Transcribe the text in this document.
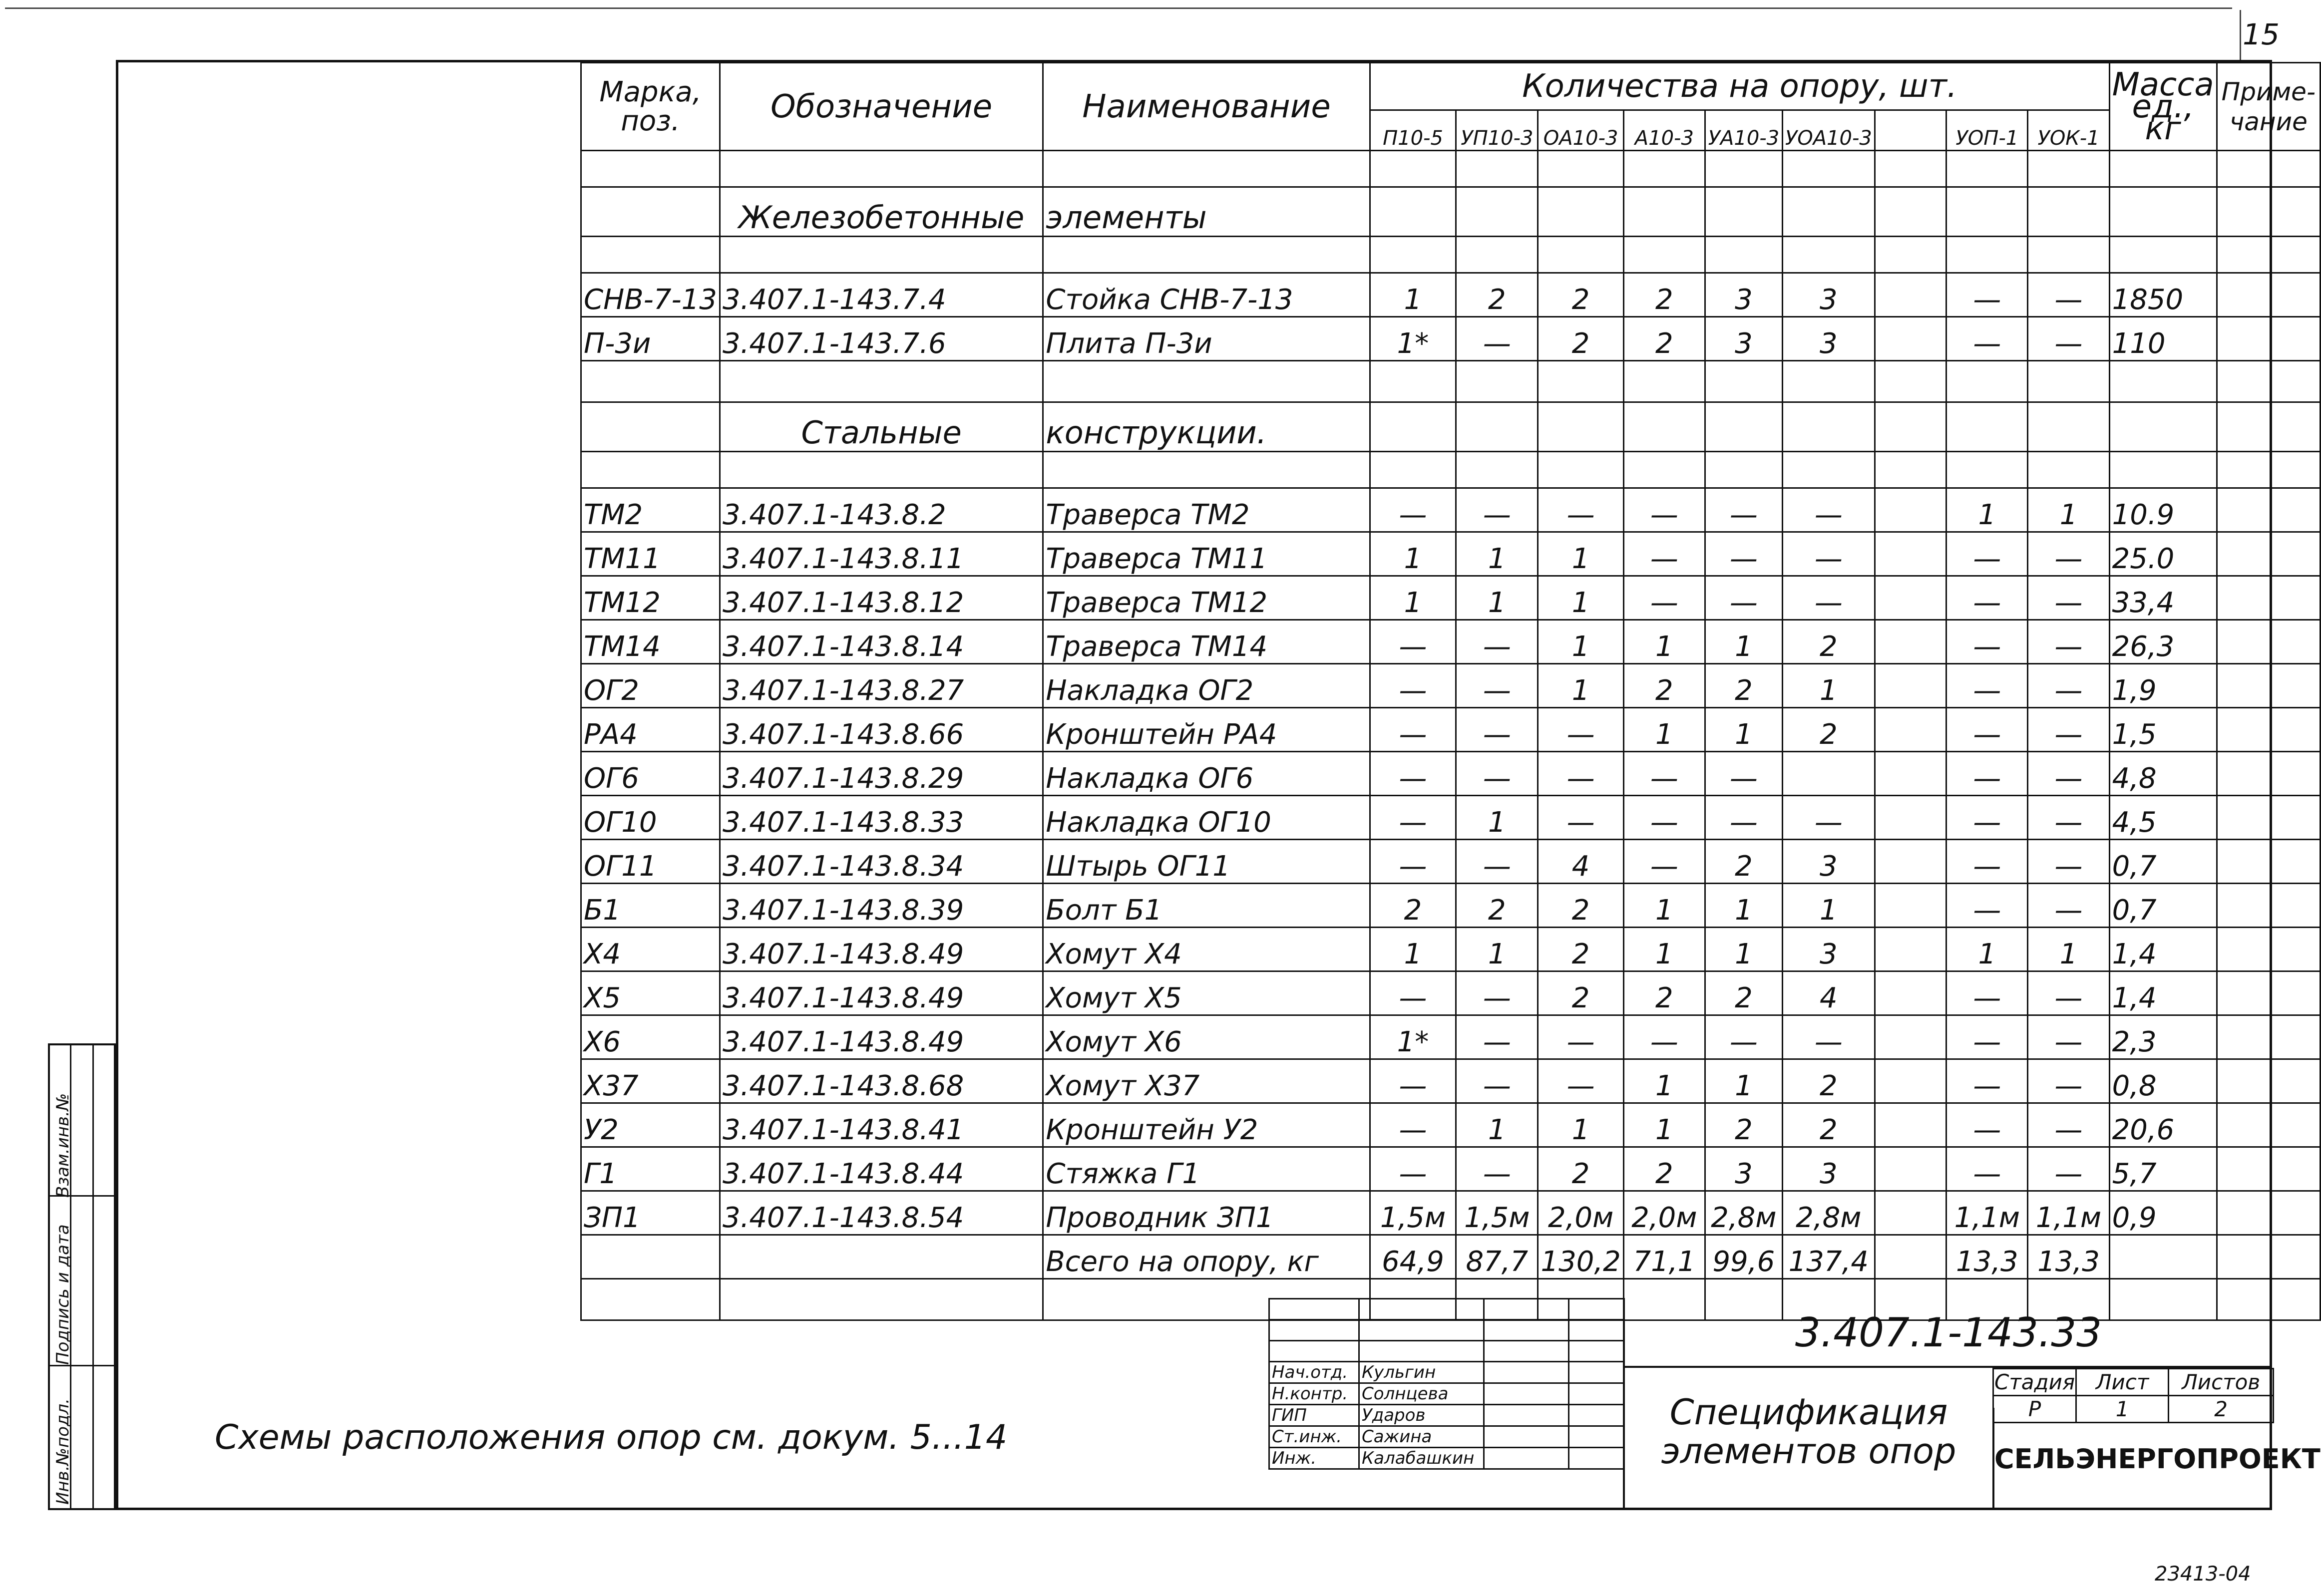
15
Марка, поз.	Обозначение	Наименование	Количества на опору, шт.									Масса ед., кг	Приме- чание
			П10-5	УП10-3	ОА10-3	А10-3	УА10-3	УОА10-3		УОП-1	УОК-1		

	Железобетонные	элементы											

СНВ-7-13	3.407.1-143.7.4	Стойка СНВ-7-13	1	2	2	2	3	3		—	—	1850	
П-3и	3.407.1-143.7.6	Плита П-3и	1*	—	2	2	3	3		—	—	110	

	Стальные	конструкции.											

ТМ2	3.407.1-143.8.2	Траверса ТМ2	—	—	—	—	—	—		1	1	10.9	
ТМ11	3.407.1-143.8.11	Траверса ТМ11	1	1	1	—	—	—		—	—	25.0	
ТМ12	3.407.1-143.8.12	Траверса ТМ12	1	1	1	—	—	—		—	—	33,4	
ТМ14	3.407.1-143.8.14	Траверса ТМ14	—	—	1	1	1	2		—	—	26,3	
ОГ2	3.407.1-143.8.27	Накладка ОГ2	—	—	1	2	2	1		—	—	1,9	
РА4	3.407.1-143.8.66	Кронштейн РА4	—	—	—	1	1	2		—	—	1,5	
ОГ6	3.407.1-143.8.29	Накладка ОГ6	—	—	—	—	—			—	—	4,8	
ОГ10	3.407.1-143.8.33	Накладка ОГ10	—	1	—	—	—	—		—	—	4,5	
ОГ11	3.407.1-143.8.34	Штырь ОГ11	—	—	4	—	2	3		—	—	0,7	
Б1	3.407.1-143.8.39	Болт Б1	2	2	2	1	1	1		—	—	0,7	
Х4	3.407.1-143.8.49	Хомут Х4	1	1	2	1	1	3		1	1	1,4	
Х5	3.407.1-143.8.49	Хомут Х5	—	—	2	2	2	4		—	—	1,4	
Х6	3.407.1-143.8.49	Хомут Х6	1*	—	—	—	—	—		—	—	2,3	
Х37	3.407.1-143.8.68	Хомут Х37	—	—	—	1	1	2		—	—	0,8	
У2	3.407.1-143.8.41	Кронштейн У2	—	1	1	1	2	2		—	—	20,6	
Г1	3.407.1-143.8.44	Стяжка Г1	—	—	2	2	3	3		—	—	5,7	
ЗП1	3.407.1-143.8.54	Проводник ЗП1	1,5м	1,5м	2,0м	2,0м	2,8м	2,8м		1,1м	1,1м	0,9	
		Всего на опору, кг	64,9	87,7	130,2	71,1	99,6	137,4		13,3	13,3		

Нач.отд.	Кульгин		
Н.контр.	Солнцева		
ГИП	Ударов		
Ст.инж.	Сажина		
Инж.	Калабашкин		
3.407.1-143.33
Спецификация
элементов опор
Стадия	Лист	Листов
Р	1	2
СЕЛЬЭНЕРГОПРОЕКТ
Схемы расположения опор см. докум. 5...14
Инв.№подл.
Подпись и дата
Взам.инв.№
23413-04
